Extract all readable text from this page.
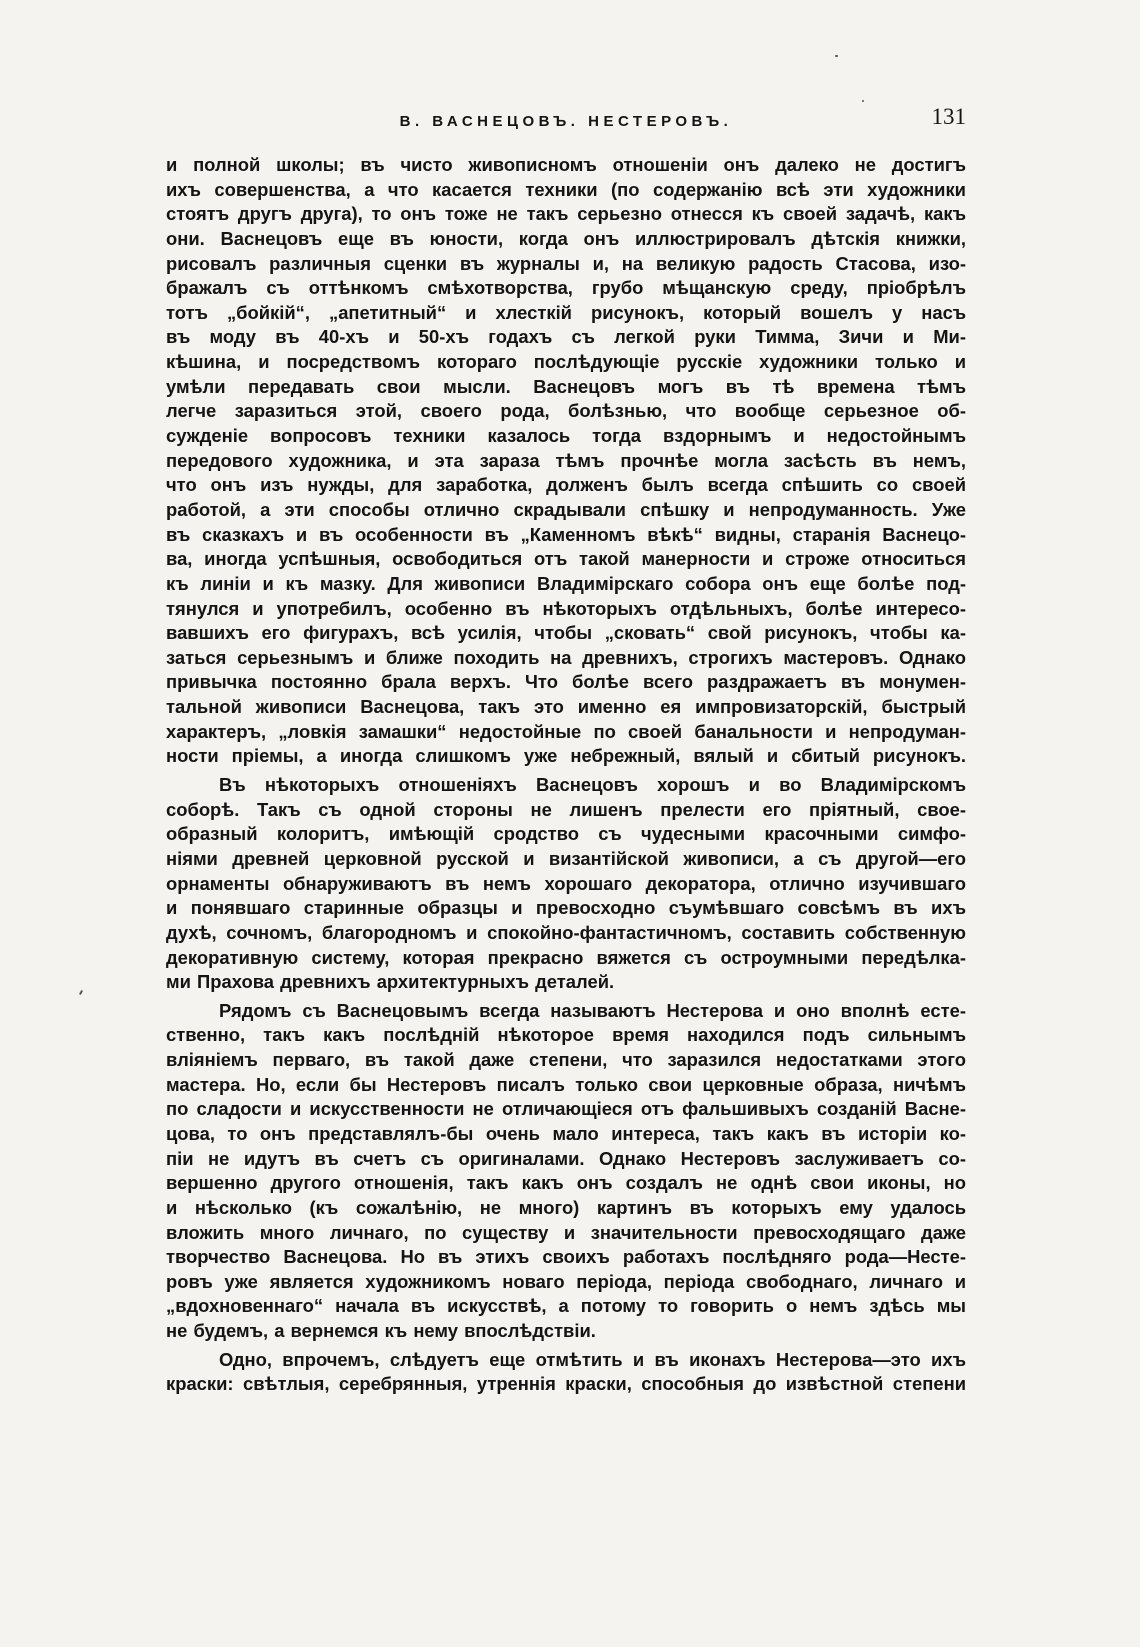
В. ВАСНЕЦОВЪ. НЕСТЕРОВЪ.	131
и полной школы; въ чисто живописномъ отношеніи онъ далеко не достигъ
ихъ совершенства, а что касается техники (по содержанію всѣ эти художники
стоятъ другъ друга), то онъ тоже не такъ серьезно отнесся къ своей задачѣ, какъ
они. Васнецовъ еще въ юности, когда онъ иллюстрировалъ дѣтскія книжки,
рисовалъ различныя сценки въ журналы и, на великую радость Стасова, изо-
бражалъ съ оттѣнкомъ смѣхотворства, грубо мѣщанскую среду, пріобрѣлъ
тотъ „бойкій“, „апетитный“ и хлесткій рисунокъ, который вошелъ у насъ
въ моду въ 40-хъ и 50-хъ годахъ съ легкой руки Тимма, Зичи и Ми-
кѣшина, и посредствомъ котораго послѣдующіе русскіе художники только и
умѣли передавать свои мысли. Васнецовъ могъ въ тѣ времена тѣмъ
легче заразиться этой, своего рода, болѣзнью, что вообще серьезное об-
сужденіе вопросовъ техники казалось тогда вздорнымъ и недостойнымъ
передового художника, и эта зараза тѣмъ прочнѣе могла засѣсть въ немъ,
что онъ изъ нужды, для заработка, долженъ былъ всегда спѣшить со своей
работой, а эти способы отлично скрадывали спѣшку и непродуманность. Уже
въ сказкахъ и въ особенности въ „Каменномъ вѣкѣ“ видны, старанія Васнецо-
ва, иногда успѣшныя, освободиться отъ такой манерности и строже относиться
къ линіи и къ мазку. Для живописи Владимірскаго собора онъ еще болѣе под-
тянулся и употребилъ, особенно въ нѣкоторыхъ отдѣльныхъ, болѣе интересо-
вавшихъ его фигурахъ, всѣ усилія, чтобы „сковать“ свой рисунокъ, чтобы ка-
заться серьезнымъ и ближе походить на древнихъ, строгихъ мастеровъ. Однако
привычка постоянно брала верхъ. Что болѣе всего раздражаетъ въ монумен-
тальной живописи Васнецова, такъ это именно ея импровизаторскій, быстрый
характеръ, „ловкія замашки“ недостойные по своей банальности и непродуман-
ности пріемы, а иногда слишкомъ уже небрежный, вялый и сбитый рисунокъ.
Въ нѣкоторыхъ отношеніяхъ Васнецовъ хорошъ и во Владимірскомъ
соборѣ. Такъ съ одной стороны не лишенъ прелести его пріятный, свое-
образный колоритъ, имѣющій сродство съ чудесными красочными симфо-
ніями древней церковной русской и византійской живописи, а съ другой—его
орнаменты обнаруживаютъ въ немъ хорошаго декоратора, отлично изучившаго
и понявшаго старинные образцы и превосходно съумѣвшаго совсѣмъ въ ихъ
духѣ, сочномъ, благородномъ и спокойно-фантастичномъ, составить собственную
декоративную систему, которая прекрасно вяжется съ остроумными передѣлка-
ми Прахова древнихъ архитектурныхъ деталей.
Рядомъ съ Васнецовымъ всегда называютъ Нестерова и оно вполнѣ есте-
ственно, такъ какъ послѣдній нѣкоторое время находился подъ сильнымъ
вліяніемъ перваго, въ такой даже степени, что заразился недостатками этого
мастера. Но, если бы Нестеровъ писалъ только свои церковные образа, ничѣмъ
по сладости и искусственности не отличающіеся отъ фальшивыхъ созданій Васне-
цова, то онъ представлялъ-бы очень мало интереса, такъ какъ въ исторіи ко-
піи не идутъ въ счетъ съ оригиналами. Однако Нестеровъ заслуживаетъ со-
вершенно другого отношенія, такъ какъ онъ создалъ не однѣ свои иконы, но
и нѣсколько (къ сожалѣнію, не много) картинъ въ которыхъ ему удалось
вложить много личнаго, по существу и значительности превосходящаго даже
творчество Васнецова. Но въ этихъ своихъ работахъ послѣдняго рода—Несте-
ровъ уже является художникомъ новаго періода, періода свободнаго, личнаго и
„вдохновеннаго“ начала въ искусствѣ, а потому то говорить о немъ здѣсь мы
не будемъ, а вернемся къ нему впослѣдствіи.
Одно, впрочемъ, слѣдуетъ еще отмѣтить и въ иконахъ Нестерова—это ихъ
краски: свѣтлыя, серебрянныя, утреннія краски, способныя до извѣстной степени
